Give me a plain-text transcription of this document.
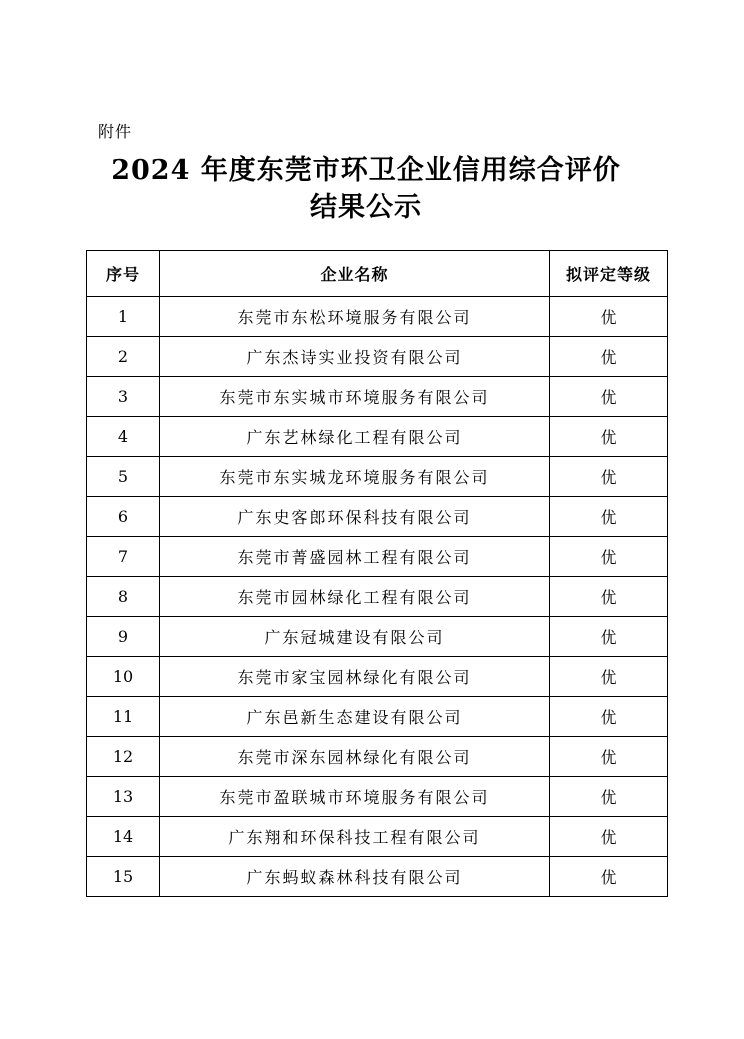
附件
2024 年度东莞市环卫企业信用综合评价
结果公示
序号	企业名称	拟评定等级
1	东莞市东松环境服务有限公司	优
2	广东杰诗实业投资有限公司	优
3	东莞市东实城市环境服务有限公司	优
4	广东艺林绿化工程有限公司	优
5	东莞市东实城龙环境服务有限公司	优
6	广东史客郎环保科技有限公司	优
7	东莞市菁盛园林工程有限公司	优
8	东莞市园林绿化工程有限公司	优
9	广东冠城建设有限公司	优
10	东莞市家宝园林绿化有限公司	优
11	广东邑新生态建设有限公司	优
12	东莞市深东园林绿化有限公司	优
13	东莞市盈联城市环境服务有限公司	优
14	广东翔和环保科技工程有限公司	优
15	广东蚂蚁森林科技有限公司	优
